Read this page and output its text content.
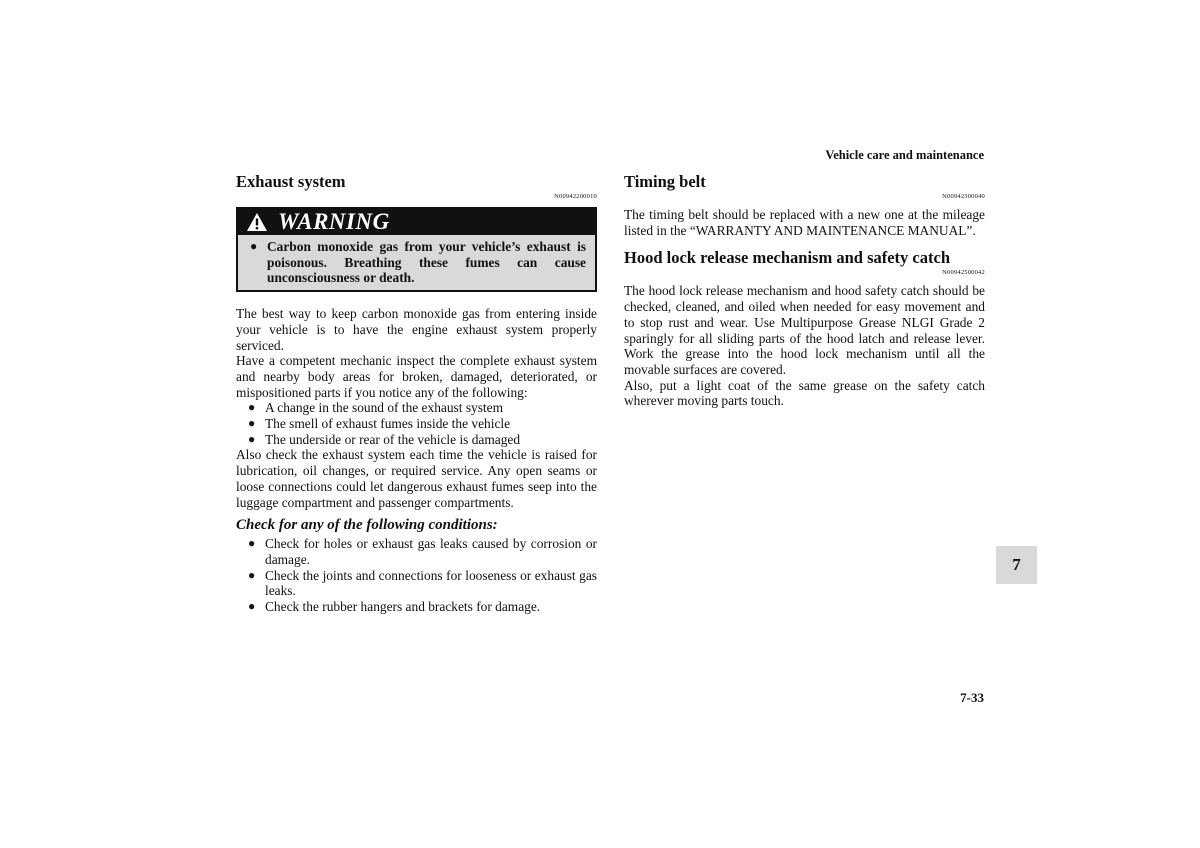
Vehicle care and maintenance
Exhaust system
N00942200010
WARNING
● Carbon monoxide gas from your vehicle’s exhaust is poisonous. Breathing these fumes can cause unconsciousness or death.

The best way to keep carbon monoxide gas from entering inside your vehicle is to have the engine exhaust system properly serviced.

Have a competent mechanic inspect the complete exhaust system and nearby body areas for broken, damaged, deteriorated, or mispositioned parts if you notice any of the following:

● A change in the sound of the exhaust system
● The smell of exhaust fumes inside the vehicle
● The underside or rear of the vehicle is damaged

Also check the exhaust system each time the vehicle is raised for lubrication, oil changes, or required service. Any open seams or loose connections could let dangerous exhaust fumes seep into the luggage compartment and passenger compartments.

Check for any of the following conditions:
● Check for holes or exhaust gas leaks caused by corrosion or damage.
● Check the joints and connections for looseness or exhaust gas leaks.
● Check the rubber hangers and brackets for damage.
Timing belt
N00942300040

The timing belt should be replaced with a new one at the mileage listed in the “WARRANTY AND MAINTENANCE MANUAL”.

Hood lock release mechanism and safety catch
N00942500042

The hood lock release mechanism and hood safety catch should be checked, cleaned, and oiled when needed for easy movement and to stop rust and wear. Use Multipurpose Grease NLGI Grade 2 sparingly for all sliding parts of the hood latch and release lever. Work the grease into the hood lock mechanism until all the movable surfaces are covered.

Also, put a light coat of the same grease on the safety catch wherever moving parts touch.

7
7-33
